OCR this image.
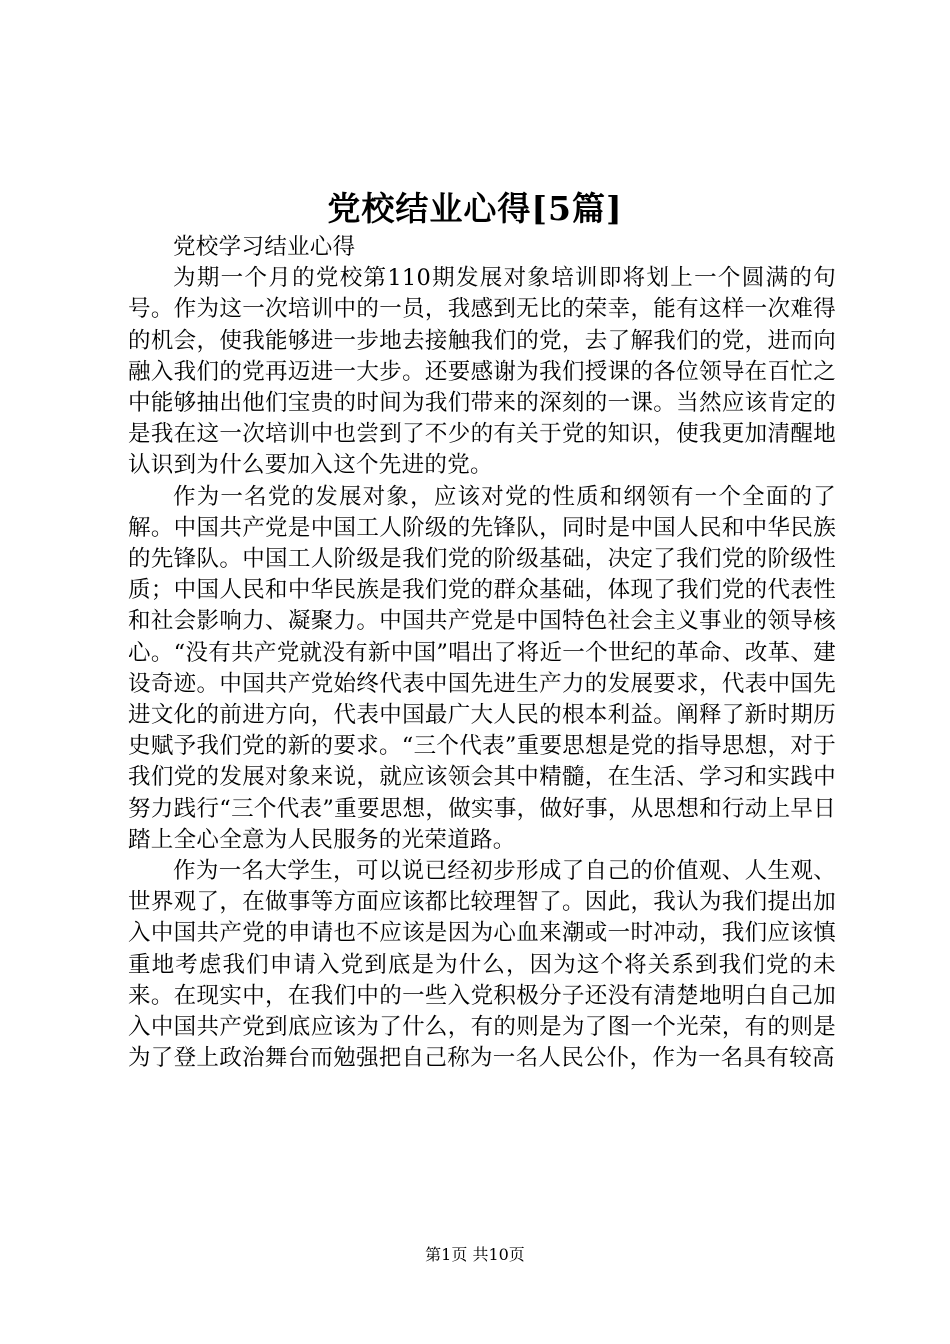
党校结业心得[5篇]

党校学习结业心得

为期一个月的党校第110期发展对象培训即将划上一个圆满的句号。作为这一次培训中的一员，我感到无比的荣幸，能有这样一次难得的机会，使我能够进一步地去接触我们的党，去了解我们的党，进而向融入我们的党再迈进一大步。还要感谢为我们授课的各位领导在百忙之中能够抽出他们宝贵的时间为我们带来的深刻的一课。当然应该肯定的是我在这一次培训中也尝到了不少的有关于党的知识，使我更加清醒地认识到为什么要加入这个先进的党。

作为一名党的发展对象，应该对党的性质和纲领有一个全面的了解。中国共产党是中国工人阶级的先锋队，同时是中国人民和中华民族的先锋队。中国工人阶级是我们党的阶级基础，决定了我们党的阶级性质；中国人民和中华民族是我们党的群众基础，体现了我们党的代表性和社会影响力、凝聚力。中国共产党是中国特色社会主义事业的领导核心。“没有共产党就没有新中国”唱出了将近一个世纪的革命、改革、建设奇迹。中国共产党始终代表中国先进生产力的发展要求，代表中国先进文化的前进方向，代表中国最广大人民的根本利益。阐释了新时期历史赋予我们党的新的要求。“三个代表”重要思想是党的指导思想，对于我们党的发展对象来说，就应该领会其中精髓，在生活、学习和实践中努力践行“三个代表”重要思想，做实事，做好事，从思想和行动上早日踏上全心全意为人民服务的光荣道路。

作为一名大学生，可以说已经初步形成了自己的价值观、人生观、世界观了，在做事等方面应该都比较理智了。因此，我认为我们提出加入中国共产党的申请也不应该是因为心血来潮或一时冲动，我们应该慎重地考虑我们申请入党到底是为什么，因为这个将关系到我们党的未来。在现实中，在我们中的一些入党积极分子还没有清楚地明白自己加入中国共产党到底应该为了什么，有的则是为了图一个光荣，有的则是为了登上政治舞台而勉强把自己称为一名人民公仆，作为一名具有较高

第1页 共10页
